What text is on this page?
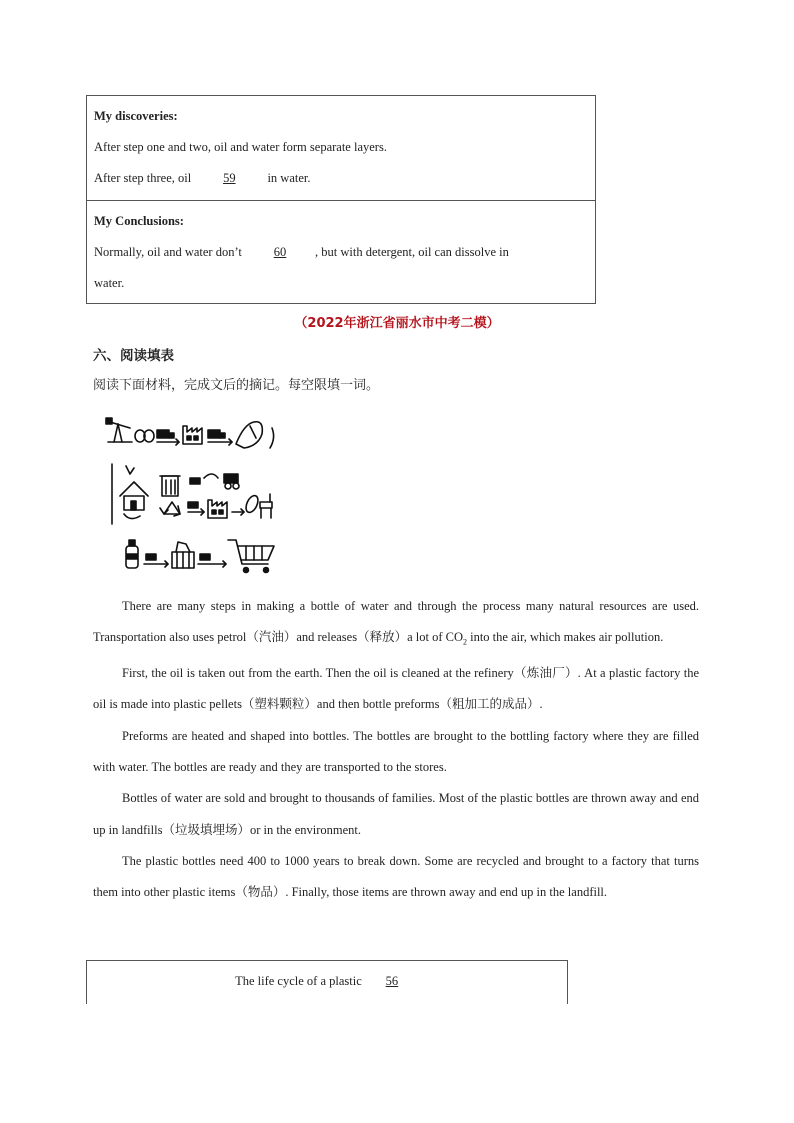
My discoveries:
After step one and two, oil and water form separate layers.
After step three, oil	59	in water.
My Conclusions:
Normally, oil and water don’t	60 , but with detergent, oil can dissolve in
water.
（2022年浙江省丽水市中考二模）
六、阅读填表
阅读下面材料，完成文后的摘记。每空限填一词。

There are many steps in making a bottle of water and through the process many natural resources are used. Transportation also uses petrol（汽油）and releases（释放）a lot of $CO_2$ into the air, which makes air pollution.

First, the oil is taken out from the earth. Then the oil is cleaned at the refinery（炼油厂）. At a plastic factory the oil is made into plastic pellets（塑料颗粒）and then bottle preforms（粗加工的成品）.

Preforms are heated and shaped into bottles. The bottles are brought to the bottling factory where they are filled with water. The bottles are ready and they are transported to the stores.

Bottles of water are sold and brought to thousands of families. Most of the plastic bottles are thrown away and end up in landfills（垃圾填埋场）or in the environment.

The plastic bottles need 400 to 1000 years to break down. Some are recycled and brought to a factory that turns them into other plastic items（物品）. Finally, those items are thrown away and end up in the landfill.

The life cycle of a plastic 56
